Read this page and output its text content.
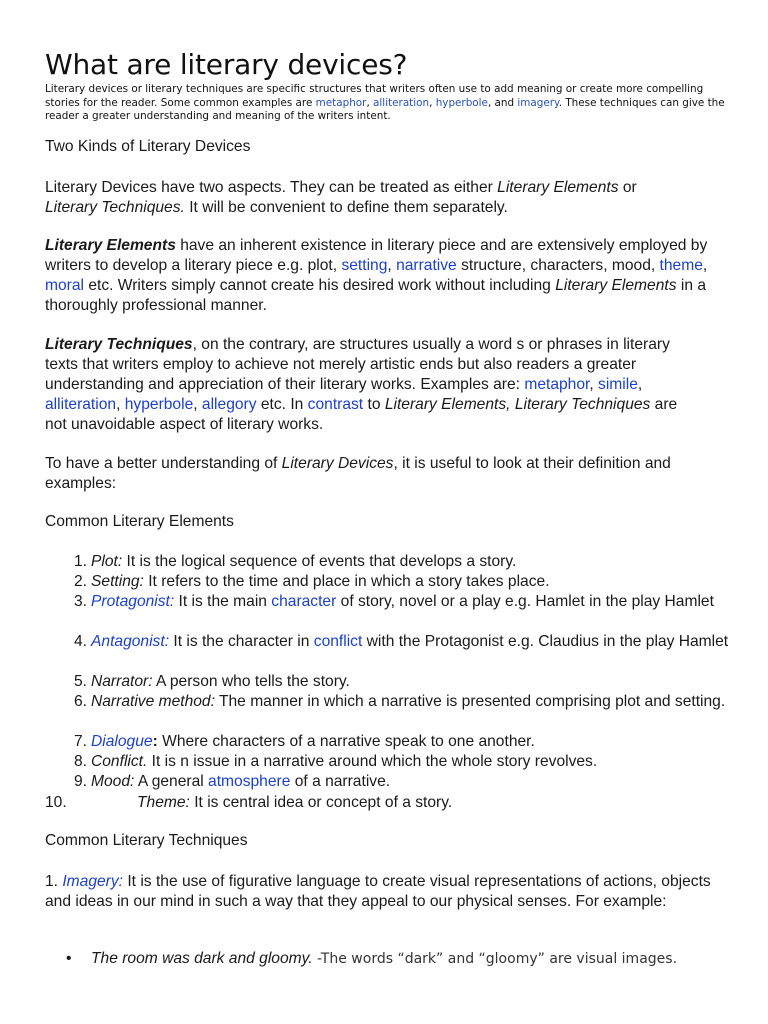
What are literary devices?
Literary devices or literary techniques are specific structures that writers often use to add meaning or create more compelling stories for the reader. Some common examples are metaphor, alliteration, hyperbole, and imagery. These techniques can give the reader a greater understanding and meaning of the writers intent.
Two Kinds of Literary Devices
Literary Devices have two aspects. They can be treated as either Literary Elements or Literary Techniques. It will be convenient to define them separately.
Literary Elements have an inherent existence in literary piece and are extensively employed by writers to develop a literary piece e.g. plot, setting, narrative structure, characters, mood, theme, moral etc. Writers simply cannot create his desired work without including Literary Elements in a thoroughly professional manner.
Literary Techniques, on the contrary, are structures usually a word s or phrases in literary texts that writers employ to achieve not merely artistic ends but also readers a greater understanding and appreciation of their literary works. Examples are: metaphor, simile, alliteration, hyperbole, allegory etc. In contrast to Literary Elements, Literary Techniques are not unavoidable aspect of literary works.
To have a better understanding of Literary Devices, it is useful to look at their definition and examples:
Common Literary Elements
1. Plot: It is the logical sequence of events that develops a story.
2. Setting: It refers to the time and place in which a story takes place.
3. Protagonist: It is the main character of story, novel or a play e.g. Hamlet in the play Hamlet
4. Antagonist: It is the character in conflict with the Protagonist e.g. Claudius in the play Hamlet
5. Narrator: A person who tells the story.
6. Narrative method: The manner in which a narrative is presented comprising plot and setting.
7. Dialogue: Where characters of a narrative speak to one another.
8. Conflict. It is n issue in a narrative around which the whole story revolves.
9. Mood: A general atmosphere of a narrative.
10.	Theme: It is central idea or concept of a story.
Common Literary Techniques
1. Imagery: It is the use of figurative language to create visual representations of actions, objects and ideas in our mind in such a way that they appeal to our physical senses. For example:
• The room was dark and gloomy. -The words “dark” and “gloomy” are visual images.
